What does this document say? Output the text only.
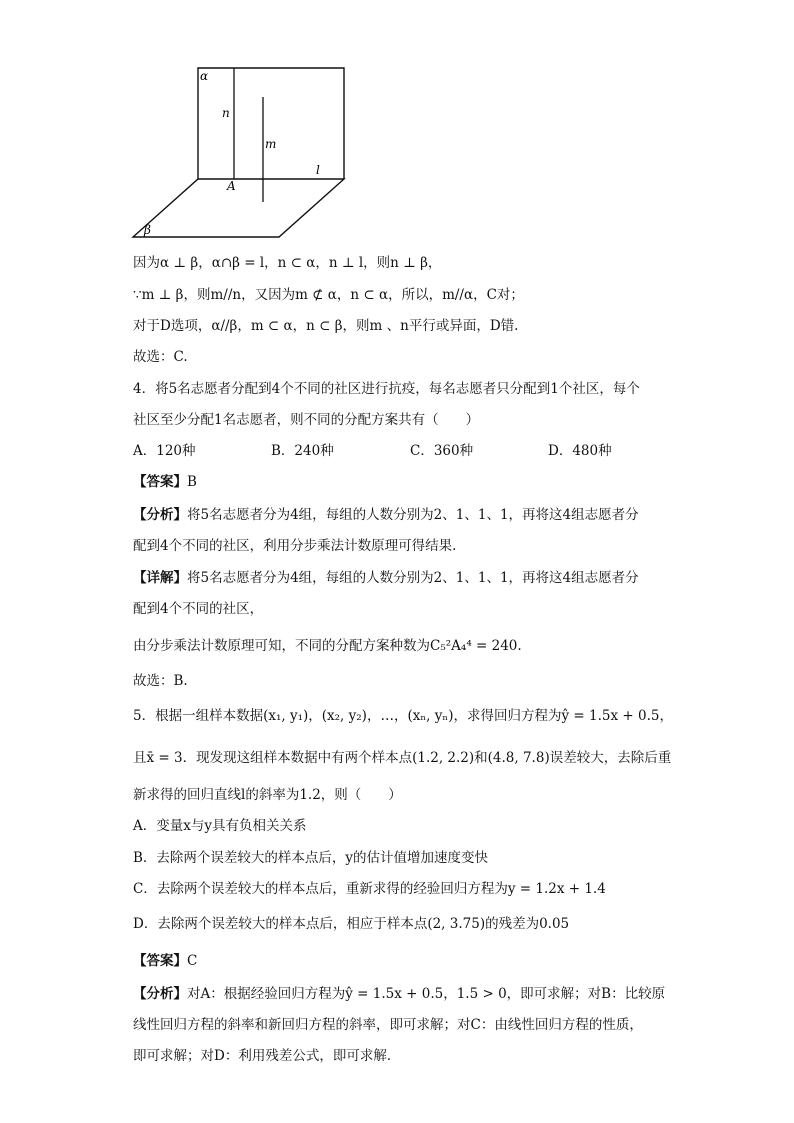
α
n
m
l
A
β
因为α ⊥ β，α∩β = l，n ⊂ α，n ⊥ l，则n ⊥ β，
∵m ⊥ β，则m//n，又因为m ⊄ α，n ⊂ α，所以，m//α，C对；
对于D选项，α//β，m ⊂ α，n ⊂ β，则m 、n平行或异面，D错.
故选：C.
4．将5名志愿者分配到4个不同的社区进行抗疫，每名志愿者只分配到1个社区，每个
社区至少分配1名志愿者，则不同的分配方案共有（　　）
A．120种	B．240种	C．360种	D．480种
【答案】B
【分析】将5名志愿者分为4组，每组的人数分别为2、1、1、1，再将这4组志愿者分
配到4个不同的社区，利用分步乘法计数原理可得结果.
【详解】将5名志愿者分为4组，每组的人数分别为2、1、1、1，再将这4组志愿者分
配到4个不同的社区，
由分步乘法计数原理可知，不同的分配方案种数为C₅²A₄⁴ = 240.
故选：B.
5．根据一组样本数据(x₁, y₁)，(x₂, y₂)，…，(xₙ, yₙ)，求得回归方程为ŷ = 1.5x + 0.5，
且x̄ = 3．现发现这组样本数据中有两个样本点(1.2, 2.2)和(4.8, 7.8)误差较大，去除后重
新求得的回归直线l的斜率为1.2，则（　　）
A．变量x与y具有负相关关系
B．去除两个误差较大的样本点后，y的估计值增加速度变快
C．去除两个误差较大的样本点后，重新求得的经验回归方程为y = 1.2x + 1.4
D．去除两个误差较大的样本点后，相应于样本点(2, 3.75)的残差为0.05
【答案】C
【分析】对A：根据经验回归方程为ŷ = 1.5x + 0.5，1.5 > 0，即可求解；对B：比较原
线性回归方程的斜率和新回归方程的斜率，即可求解；对C：由线性回归方程的性质，
即可求解；对D：利用残差公式，即可求解．
